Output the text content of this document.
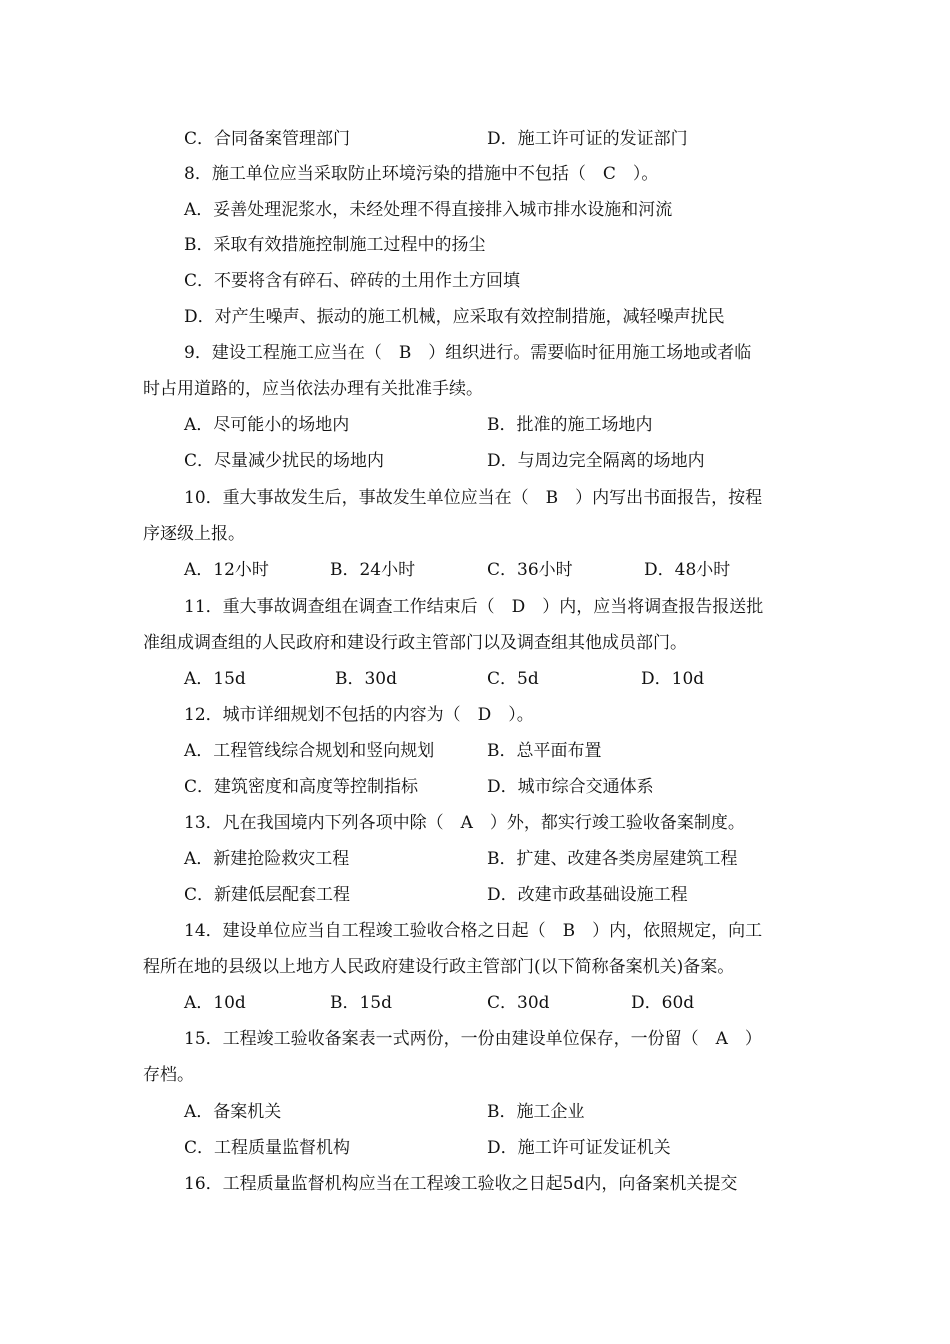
C．合同备案管理部门	D．施工许可证的发证部门
8．施工单位应当采取防止环境污染的措施中不包括（　C　）。
A．妥善处理泥浆水，未经处理不得直接排入城市排水设施和河流
B．采取有效措施控制施工过程中的扬尘
C．不要将含有碎石、碎砖的土用作土方回填
D．对产生噪声、振动的施工机械，应采取有效控制措施，减轻噪声扰民
9．建设工程施工应当在（　B　）组织进行。需要临时征用施工场地或者临
时占用道路的，应当依法办理有关批准手续。
A．尽可能小的场地内	B．批准的施工场地内
C．尽量减少扰民的场地内	D．与周边完全隔离的场地内
10．重大事故发生后，事故发生单位应当在（　B　）内写出书面报告，按程
序逐级上报。
A．12小时	B．24小时	C．36小时	D．48小时
11．重大事故调查组在调查工作结束后（　D　）内，应当将调查报告报送批
准组成调查组的人民政府和建设行政主管部门以及调查组其他成员部门。
A．15d	B．30d	C．5d	D．10d
12．城市详细规划不包括的内容为（　D　）。
A．工程管线综合规划和竖向规划	B．总平面布置
C．建筑密度和高度等控制指标	D．城市综合交通体系
13．凡在我国境内下列各项中除（　A　）外，都实行竣工验收备案制度。
A．新建抢险救灾工程	B．扩建、改建各类房屋建筑工程
C．新建低层配套工程	D．改建市政基础设施工程
14．建设单位应当自工程竣工验收合格之日起（　B　）内，依照规定，向工
程所在地的县级以上地方人民政府建设行政主管部门(以下简称备案机关)备案。
A．10d	B．15d	C．30d	D．60d
15．工程竣工验收备案表一式两份，一份由建设单位保存，一份留（　A　）
存档。
A．备案机关	B．施工企业
C．工程质量监督机构	D．施工许可证发证机关
16．工程质量监督机构应当在工程竣工验收之日起5d内，向备案机关提交
